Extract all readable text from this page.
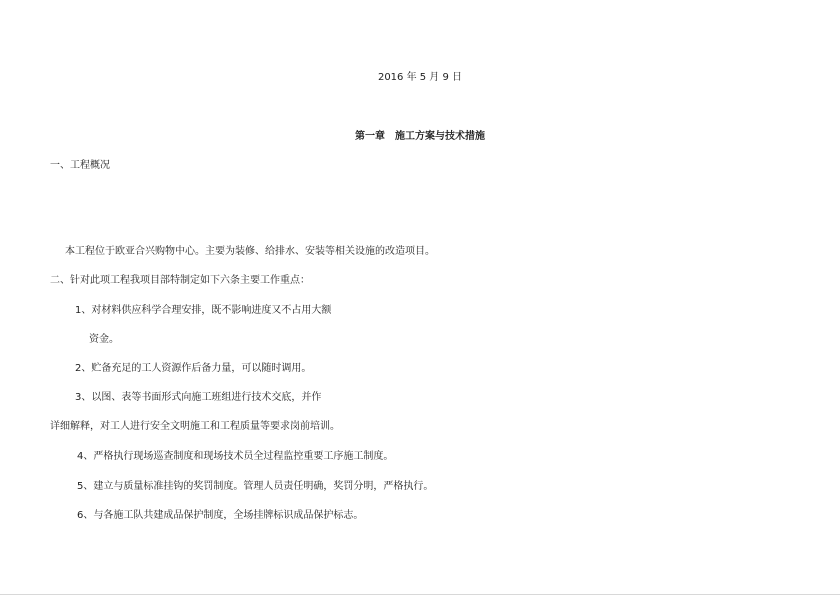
2016 年 5 月 9 日
第一章　施工方案与技术措施
一、工程概况
本工程位于欧亚合兴购物中心。主要为装修、给排水、安装等相关设施的改造项目。
二、针对此项工程我项目部特制定如下六条主要工作重点：
1、对材料供应科学合理安排，既不影响进度又不占用大额
资金。
2、贮备充足的工人资源作后备力量，可以随时调用。
3、以图、表等书面形式向施工班组进行技术交底，并作
详细解释，对工人进行安全文明施工和工程质量等要求岗前培训。
4、严格执行现场巡查制度和现场技术员全过程监控重要工序施工制度。
5、建立与质量标准挂钩的奖罚制度。管理人员责任明确，奖罚分明，严格执行。
6、与各施工队共建成品保护制度，全场挂牌标识成品保护标志。
